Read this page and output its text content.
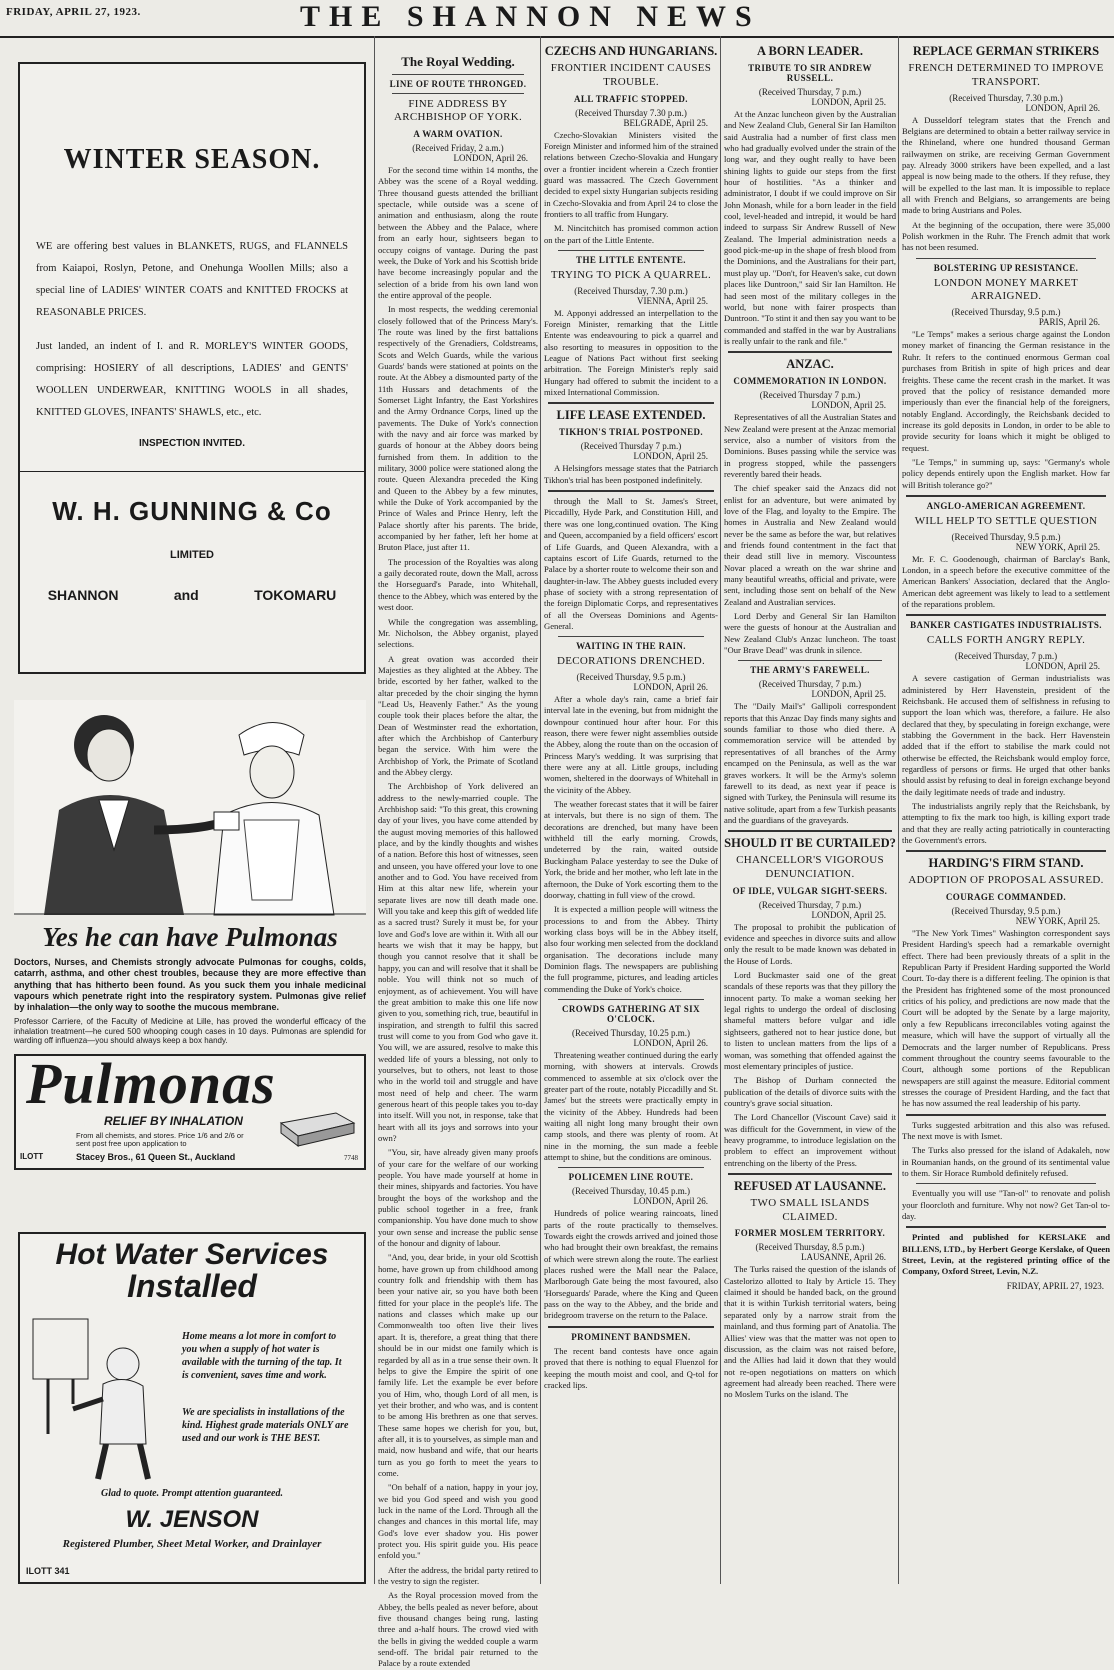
FRIDAY, APRIL 27, 1923.	THE SHANNON NEWS
WINTER SEASON.
WE are offering best values in BLANKETS, RUGS, and FLANNELS from Kaiapoi, Roslyn, Petone, and Onehunga Woollen Mills; also a special line of LADIES' WINTER COATS and KNITTED FROCKS at REASONABLE PRICES.
Just landed, an indent of I. and R. MORLEY'S WINTER GOODS, comprising: HOSIERY of all descriptions, LADIES' and GENTS' WOOLLEN UNDERWEAR, KNITTING WOOLS in all shades, KNITTED GLOVES, INFANTS' SHAWLS, etc., etc.
INSPECTION INVITED.
W. H. GUNNING & Co
LIMITED
SHANNON	and	TOKOMARU
Yes he can have Pulmonas
Doctors, Nurses, and Chemists strongly advocate Pulmonas for coughs, colds, catarrh, asthma, and other chest troubles, because they are more effective than anything that has hitherto been found. As you suck them you inhale medicinal vapours which penetrate right into the respiratory system. Pulmonas give relief by inhalation—the only way to soothe the mucous membrane.
Professor Carriere, of the Faculty of Medicine at Lille, has proved the wonderful efficacy of the inhalation treatment—he cured 500 whooping cough cases in 10 days. Pulmonas are splendid for warding off influenza—you should always keep a box handy.
Pulmonas
RELIEF BY INHALATION
From all chemists, and stores. Price 1/6 and 2/6 or sent post free upon application to
Stacey Bros., 61 Queen St., Auckland
ILOTT	7748
Hot Water Services
Installed
Home means a lot more in comfort to you when a supply of hot water is available with the turning of the tap. It is convenient, saves time and work.
We are specialists in installations of the kind. Highest grade materials ONLY are used and our work is THE BEST.
Glad to quote. Prompt attention guaranteed.
W. JENSON
Registered Plumber, Sheet Metal Worker, and Drainlayer
ILOTT 341
The Royal Wedding.
LINE OF ROUTE THRONGED.
FINE ADDRESS BY ARCHBISHOP OF YORK.
A WARM OVATION.
(Received Friday, 2 a.m.)
LONDON, April 26.

For the second time within 14 months, the Abbey was the scene of a Royal wedding. Three thousand guests attended the brilliant spectacle, while outside was a scene of animation and enthusiasm, along the route between the Abbey and the Palace, where from an early hour, sightseers began to occupy coigns of vantage. During the past week, the Duke of York and his Scottish bride have become increasingly popular and the selection of a bride from his own land won the entire approval of the people.

In most respects, the wedding ceremonial closely followed that of the Princess Mary's. The route was lined by the first battalions respectively of the Grenadiers, Coldstreams, Scots and Welch Guards, while the various Guards' bands were stationed at points on the route. At the Abbey a dismounted party of the 11th Hussars and detachments of the Somerset Light Infantry, the East Yorkshires and the Army Ordnance Corps, lined up the pavements. The Duke of York's connection with the navy and air force was marked by guards of honour at the Abbey doors being furnished from them. In addition to the military, 3000 police were stationed along the route. Queen Alexandra preceded the King and Queen to the Abbey by a few minutes, while the Duke of York accompanied by the Prince of Wales and Prince Henry, left the Palace shortly after his parents. The bride, accompanied by her father, left her home at Bruton Place, just after 11.

The procession of the Royalties was along a gaily decorated route, down the Mall, across the Horseguard's Parade, into Whitehall, thence to the Abbey, which was entered by the west door.

While the congregation was assembling, Mr. Nicholson, the Abbey organist, played selections.

A great ovation was accorded their Majesties as they alighted at the Abbey. The bride, escorted by her father, walked to the altar preceded by the choir singing the hymn "Lead Us, Heavenly Father." As the young couple took their places before the altar, the Dean of Westminster read the exhortation, after which the Archbishop of Canterbury began the service. With him were the Archbishop of York, the Primate of Scotland and the Abbey clergy.

The Archbishop of York delivered an address to the newly-married couple. The Archbishop said: "To this great, this crowning day of your lives, you have come attended by the august moving memories of this hallowed place, and by the kindly thoughts and wishes of a nation. Before this host of witnesses, seen and unseen, you have offered your love to one another and to God. You have received from Him at this altar new life, wherein your separate lives are now till death made one. Will you take and keep this gift of wedded life as a sacred trust? Surely it must be, for your love and God's love are within it. With all our hearts we wish that it may be happy, but though you cannot resolve that it shall be happy, you can and will resolve that it shall be noble. You will think not so much of enjoyment, as of achievement. You will have the great ambition to make this one life now given to you, something rich, true, beautiful in inspiration, and strength to fulfil this sacred trust will come to you from God who gave it. You will, we are assured, resolve to make this wedded life of yours a blessing, not only to yourselves, but to others, not least to those who in the world toil and struggle and have most need of help and cheer. The warm generous heart of this people takes you to-day into itself. Will you not, in response, take that heart with all its joys and sorrows into your own?

"You, sir, have already given many proofs of your care for the welfare of our working people. You have made yourself at home in their mines, shipyards and factories. You have brought the boys of the workshop and the public school together in a free, frank companionship. You have done much to show your own sense and increase the public sense of the honour and dignity of labour.

"And, you, dear bride, in your old Scottish home, have grown up from childhood among country folk and friendship with them has been your native air, so you have both been fitted for your place in the people's life. The nations and classes which make up our Commonwealth too often live their lives apart. It is, therefore, a great thing that there should be in our midst one family which is regarded by all as in a true sense their own. It helps to give the Empire the spirit of one family life. Let the example be ever before you of Him, who, though Lord of all men, is yet their brother, and who was, and is content to be among His brethren as one that serves. These same hopes we cherish for you, but, after all, it is to yourselves, as simple man and maid, now husband and wife, that our hearts turn as you go forth to meet the years to come.

"On behalf of a nation, happy in your joy, we bid you God speed and wish you good luck in the name of the Lord. Through all the changes and chances in this mortal life, may God's love ever shadow you. His power protect you. His spirit guide you. His peace enfold you."

After the address, the bridal party retired to the vestry to sign the register.

As the Royal procession moved from the Abbey, the bells pealed as never before, about five thousand changes being rung, lasting three and a-half hours. The crowd vied with the bells in giving the wedded couple a warm send-off. The bridal pair returned to the Palace by a route extended

CZECHS AND HUNGARIANS.
FRONTIER INCIDENT CAUSES TROUBLE.
ALL TRAFFIC STOPPED.
(Received Thursday 7.30 p.m.)
BELGRADE, April 25.

Czecho-Slovakian Ministers visited the Foreign Minister and informed him of the strained relations between Czecho-Slovakia and Hungary over a frontier incident wherein a Czech frontier guard was massacred. The Czech Government decided to expel sixty Hungarian subjects residing in Czecho-Slovakia and from April 24 to close the frontiers to all traffic from Hungary.

M. Nincitchitch has promised common action on the part of the Little Entente.

THE LITTLE ENTENTE.
TRYING TO PICK A QUARREL.
(Received Thursday, 7.30 p.m.)
VIENNA, April 25.

M. Apponyi addressed an interpellation to the Foreign Minister, remarking that the Little Entente was endeavouring to pick a quarrel and also resorting to measures in opposition to the League of Nations Pact without first seeking arbitration. The Foreign Minister's reply said Hungary had offered to submit the incident to a mixed International Commission.

LIFE LEASE EXTENDED.
TIKHON'S TRIAL POSTPONED.
(Received Thursday 7 p.m.)
LONDON, April 25.

A Helsingfors message states that the Patriarch Tikhon's trial has been postponed indefinitely.

through the Mall to St. James's Street, Piccadilly, Hyde Park, and Constitution Hill, and there was one long,continued ovation. The King and Queen, accompanied by a field officers' escort of Life Guards, and Queen Alexandra, with a captains escort of Life Guards, returned to the Palace by a shorter route to welcome their son and daughter-in-law. The Abbey guests included every phase of society with a strong representation of the foreign Diplomatic Corps, and representatives of all the Overseas Dominions and Agents-General.

WAITING IN THE RAIN.
DECORATIONS DRENCHED.
(Received Thursday, 9.5 p.m.)
LONDON, April 26.

After a whole day's rain, came a brief fair interval late in the evening, but from midnight the downpour continued hour after hour. For this reason, there were fewer night assemblies outside the Abbey, along the route than on the occasion of Princess Mary's wedding. It was surprising that there were any at all. Little groups, including women, sheltered in the doorways of Whitehall in the vicinity of the Abbey.

The weather forecast states that it will be fairer at intervals, but there is no sign of them. The decorations are drenched, but many have been withheld till the early morning. Crowds, undeterred by the rain, waited outside Buckingham Palace yesterday to see the Duke of York, the bride and her mother, who left late in the afternoon, the Duke of York escorting them to the doorway, chatting in full view of the crowd.

It is expected a million people will witness the processions to and from the Abbey. Thirty working class boys will be in the Abbey itself, also four working men selected from the dockland organisation. The decorations include many Dominion flags. The newspapers are publishing the full programme, pictures, and leading articles commending the Duke of York's choice.

CROWDS GATHERING AT SIX O'CLOCK.
(Received Thursday, 10.25 p.m.)
LONDON, April 26.

Threatening weather continued during the early morning, with showers at intervals. Crowds commenced to assemble at six o'clock over the greater part of the route, notably Piccadilly and St. James' but the streets were practically empty in the vicinity of the Abbey. Hundreds had been waiting all night long many brought their own camp stools, and there was plenty of room. At nine in the morning, the sun made a feeble attempt to shine, but the conditions are ominous.

POLICEMEN LINE ROUTE.
(Received Thursday, 10.45 p.m.)
LONDON, April 26.

Hundreds of police wearing raincoats, lined parts of the route practically to themselves. Towards eight the crowds arrived and joined those who had brought their own breakfast, the remains of which were strewn along the route. The earliest places rushed were the Mall near the Palace, Marlborough Gate being the most favoured, also 'Horseguards' Parade, where the King and Queen pass on the way to the Abbey, and the bride and bridegroom traverse on the return to the Palace.

PROMINENT BANDSMEN.

The recent band contests have once again proved that there is nothing to equal Fluenzol for keeping the mouth moist and cool, and Q-tol for cracked lips.

A BORN LEADER.
TRIBUTE TO SIR ANDREW RUSSELL.
(Received Thursday, 7 p.m.)
LONDON, April 25.

At the Anzac luncheon given by the Australian and New Zealand Club, General Sir Ian Hamilton said Australia had a number of first class men who had gradually evolved under the strain of the long war, and they ought really to have been shining lights to guide our steps from the first hour of hostilities. "As a thinker and administrator, I doubt if we could improve on Sir John Monash, while for a born leader in the field cool, level-headed and intrepid, it would be hard indeed to surpass Sir Andrew Russell of New Zealand. The Imperial administration needs a good pick-me-up in the shape of fresh blood from the Dominions, and the Australians for their part, must play up. "Don't, for Heaven's sake, cut down places like Duntroon," said Sir Ian Hamilton. He had seen most of the military colleges in the world, but none with fairer prospects than Duntroon. "To stint it and then say you want to be commanded and staffed in the war by Australians is really unfair to the rank and file."

ANZAC.
COMMEMORATION IN LONDON.
(Received Thursday 7 p.m.)
LONDON, April 25.

Representatives of all the Australian States and New Zealand were present at the Anzac memorial service, also a number of visitors from the Dominions. Buses passing while the service was in progress stopped, while the passengers reverently bared their heads.

The chief speaker said the Anzacs did not enlist for an adventure, but were animated by love of the Flag, and loyalty to the Empire. The homes in Australia and New Zealand would never be the same as before the war, but relatives and friends found contentment in the fact that their dead still live in memory. Viscountess Novar placed a wreath on the war shrine and many beautiful wreaths, official and private, were sent, including those sent on behalf of the New Zealand and Australian services.

Lord Derby and General Sir Ian Hamilton were the guests of honour at the Australian and New Zealand Club's Anzac luncheon. The toast "Our Brave Dead" was drunk in silence.

THE ARMY'S FAREWELL.
(Received Thursday, 7 p.m.)
LONDON, April 25.

The "Daily Mail's" Gallipoli correspondent reports that this Anzac Day finds many sights and sounds familiar to those who died there. A commemoration service will be attended by representatives of all branches of the Army encamped on the Peninsula, as well as the war graves workers. It will be the Army's solemn farewell to its dead, as next year if peace is signed with Turkey, the Peninsula will resume its native solitude, apart from a few Turkish peasants and the guardians of the graveyards.

SHOULD IT BE CURTAILED?
CHANCELLOR'S VIGOROUS DENUNCIATION.
OF IDLE, VULGAR SIGHT-SEERS.
(Received Thursday, 7 p.m.)
LONDON, April 25.

The proposal to prohibit the publication of evidence and speeches in divorce suits and allow only the result to be made known was debated in the House of Lords.

Lord Buckmaster said one of the great scandals of these reports was that they pillory the innocent party. To make a woman seeking her legal rights to undergo the ordeal of disclosing shameful matters before vulgar and idle sightseers, gathered not to hear justice done, but to listen to unclean matters from the lips of a woman, was something that offended against the most elementary principles of justice.

The Bishop of Durham connected the publication of the details of divorce suits with the country's grave social situation.

The Lord Chancellor (Viscount Cave) said it was difficult for the Government, in view of the heavy programme, to introduce legislation on the problem to effect an improvement without entrenching on the liberty of the Press.

REFUSED AT LAUSANNE.
TWO SMALL ISLANDS CLAIMED.
FORMER MOSLEM TERRITORY.
(Received Thursday, 8.5 p.m.)
LAUSANNE, April 26.

The Turks raised the question of the islands of Castelorizo allotted to Italy by Article 15. They claimed it should be handed back, on the ground that it is within Turkish territorial waters, being separated only by a narrow strait from the mainland, and thus forming part of Anatolia. The Allies' view was that the matter was not open to discussion, as the claim was not raised before, and the Allies had laid it down that they would not re-open negotiations on matters on which agreement had already been reached. There were no Moslem Turks on the island. The

REPLACE GERMAN STRIKERS
FRENCH DETERMINED TO IMPROVE TRANSPORT.
(Received Thursday, 7.30 p.m.)
LONDON, April 26.

A Dusseldorf telegram states that the French and Belgians are determined to obtain a better railway service in the Rhineland, where one hundred thousand German railwaymen on strike, are receiving German Government pay. Already 3000 strikers have been expelled, and a last appeal is now being made to the others. If they refuse, they will be expelled to the last man. It is impossible to replace all with French and Belgians, so arrangements are being made to bring Austrians and Poles.

At the beginning of the occupation, there were 35,000 Polish workmen in the Ruhr. The French admit that work has not been resumed.

BOLSTERING UP RESISTANCE.
LONDON MONEY MARKET ARRAIGNED.
(Received Thursday, 9.5 p.m.)
PARIS, April 26.

"Le Temps" makes a serious charge against the London money market of financing the German resistance in the Ruhr. It refers to the continued enormous German coal purchases from British in spite of high prices and dear freights. These came the recent crash in the market. It was proved that the policy of resistance demanded more imperiously than ever the financial help of the foreigners, notably England. Accordingly, the Reichsbank decided to increase its gold deposits in London, in order to be able to provide security for loans which it might be obliged to request.

"Le Temps," in summing up, says: "Germany's whole policy depends entirely upon the English market. How far will British tolerance go?"

ANGLO-AMERICAN AGREEMENT.
WILL HELP TO SETTLE QUESTION
(Received Thursday, 9.5 p.m.)
NEW YORK, April 25.

Mr. F. C. Goodenough, chairman of Barclay's Bank, London, in a speech before the executive committee of the American Bankers' Association, declared that the Anglo-American debt agreement was likely to lead to a settlement of the reparations problem.

BANKER CASTIGATES INDUSTRIALISTS.
CALLS FORTH ANGRY REPLY.
(Received Thursday, 7 p.m.)
LONDON, April 25.

A severe castigation of German industrialists was administered by Herr Havenstein, president of the Reichsbank. He accused them of selfishness in refusing to support the loan which was, therefore, a failure. He also declared that they, by speculating in foreign exchange, were stabbing the Government in the back. Herr Havenstein added that if the effort to stabilise the mark could not otherwise be effected, the Reichsbank would employ force, regardless of persons or firms. He urged that other banks should assist by refusing to deal in foreign exchange beyond the daily legitimate needs of trade and industry.

The industrialists angrily reply that the Reichsbank, by attempting to fix the mark too high, is killing export trade and that they are really acting patriotically in counteracting the Government's errors.

HARDING'S FIRM STAND.
ADOPTION OF PROPOSAL ASSURED.
COURAGE COMMANDED.
(Received Thursday, 9.5 p.m.)
NEW YORK, April 25.

"The New York Times" Washington correspondent says President Harding's speech had a remarkable overnight effect. There had been previously threats of a split in the Republican Party if President Harding supported the World Court. To-day there is a different feeling. The opinion is that the President has frightened some of the most pronounced critics of his policy, and predictions are now made that the Court will be adopted by the Senate by a large majority, only a few Republicans irreconcilables voting against the measure, which will have the support of virtually all the Democrats and the larger number of Republicans. Press comment throughout the country seems favourable to the Court, although some portions of the Republican newspapers are still against the measure. Editorial comment stresses the courage of President Harding, and the fact that he has now assumed the real leadership of his party.

Turks suggested arbitration and this also was refused. The next move is with Ismet.

The Turks also pressed for the island of Adakaleh, now in Roumanian hands, on the ground of its sentimental value to them. Sir Horace Rumbold definitely refused.

Eventually you will use "Tan-ol" to renovate and polish your floorcloth and furniture. Why not now? Get Tan-ol to-day.

Printed and published for KERSLAKE and BILLENS, LTD., by Herbert George Kerslake, of Queen Street, Levin, at the registered printing office of the Company, Oxford Street, Levin, N.Z.

FRIDAY, APRIL 27, 1923.
